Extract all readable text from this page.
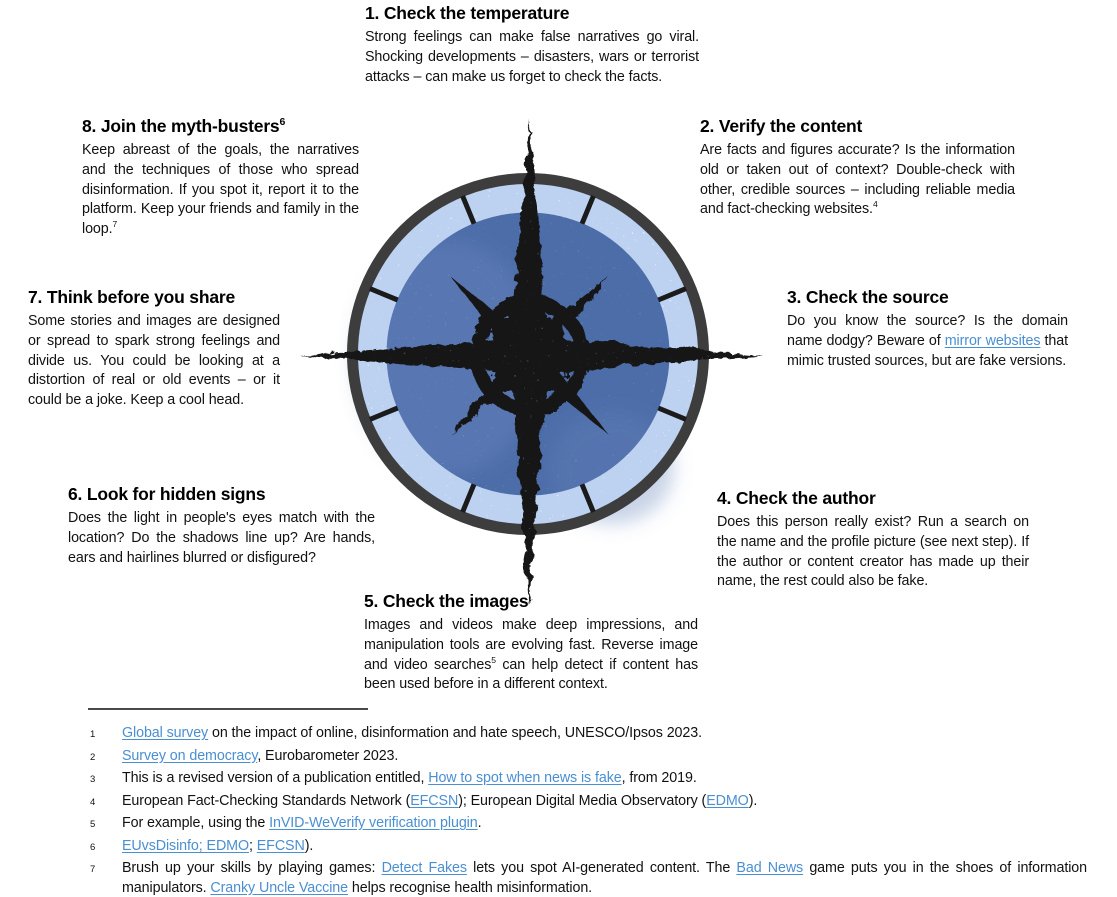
1. Check the temperature

Strong feelings can make false narratives go viral. Shocking developments – disasters, wars or terrorist attacks – can make us forget to check the facts.

2. Verify the content

Are facts and figures accurate? Is the information old or taken out of context? Double-check with other, credible sources – including reliable media and fact-checking websites.$^4$

3. Check the source

Do you know the source? Is the domain name dodgy? Beware of mirror websites that mimic trusted sources, but are fake versions.

4. Check the author

Does this person really exist? Run a search on the name and the profile picture (see next step). If the author or content creator has made up their name, the rest could also be fake.

5. Check the images

Images and videos make deep impressions, and manipulation tools are evolving fast. Reverse image and video searches$^5$ can help detect if content has been used before in a different context.

6. Look for hidden signs

Does the light in people's eyes match with the location? Do the shadows line up? Are hands, ears and hairlines blurred or disfigured?

7. Think before you share

Some stories and images are designed or spread to spark strong feelings and divide us. You could be looking at a distortion of real or old events – or it could be a joke. Keep a cool head.

8. Join the myth-busters$^6$

Keep abreast of the goals, the narratives and the techniques of those who spread disinformation. If you spot it, report it to the platform. Keep your friends and family in the loop.$^7$

1	Global survey on the impact of online, disinformation and hate speech, UNESCO/Ipsos 2023.
2	Survey on democracy, Eurobarometer 2023.
3	This is a revised version of a publication entitled, How to spot when news is fake, from 2019.
4	European Fact-Checking Standards Network (EFCSN); European Digital Media Observatory (EDMO).
5	For example, using the InVID-WeVerify verification plugin.
6	EUvsDisinfo; EDMO; EFCSN).
7	Brush up your skills by playing games: Detect Fakes lets you spot AI-generated content. The Bad News game puts you in the shoes of information manipulators. Cranky Uncle Vaccine helps recognise health misinformation.
